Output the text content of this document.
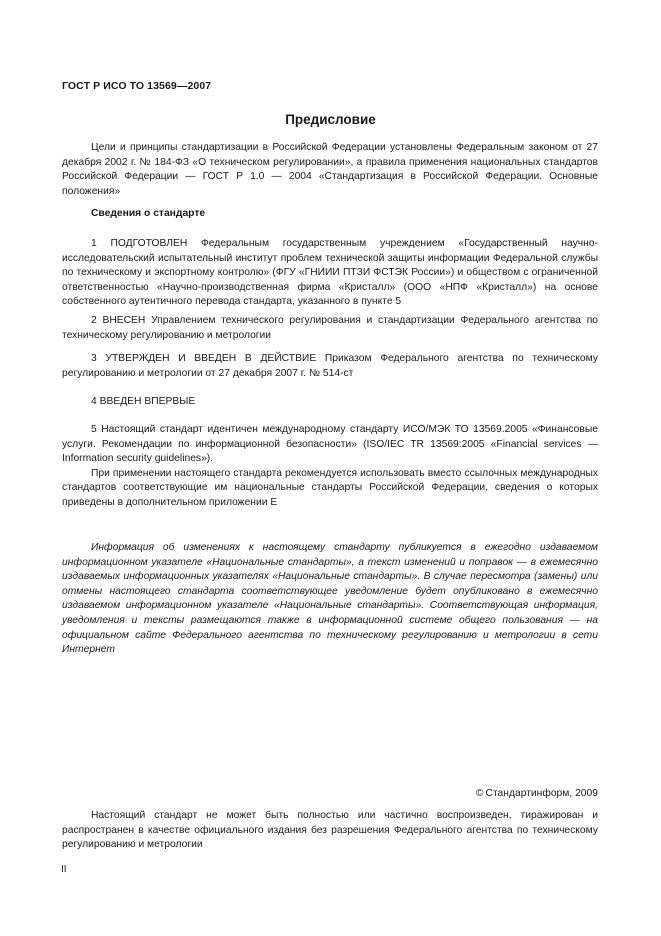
ГОСТ Р ИСО ТО 13569—2007
Предисловие

Цели и принципы стандартизации в Российской Федерации установлены Федеральным законом от 27 декабря 2002 г. № 184-ФЗ «О техническом регулировании», а правила применения национальных стандартов Российской Федерации — ГОСТ Р 1.0 — 2004 «Стандартизация в Российской Федерации. Основные положения»

Сведения о стандарте

1 ПОДГОТОВЛЕН Федеральным государственным учреждением «Государственный научно-исследовательский испытательный институт проблем технической защиты информации Федеральной службы по техническому и экспортному контролю» (ФГУ «ГНИИИ ПТЗИ ФСТЭК России») и обществом с ограниченной ответственностью «Научно-производственная фирма «Кристалл» (ООО «НПФ «Кристалл») на основе собственного аутентичного перевода стандарта, указанного в пункте 5

2 ВНЕСЕН Управлением технического регулирования и стандартизации Федерального агентства по техническому регулированию и метрологии

3 УТВЕРЖДЕН И ВВЕДЕН В ДЕЙСТВИЕ Приказом Федерального агентства по техническому регулированию и метрологии от 27 декабря 2007 г. № 514-ст

4 ВВЕДЕН ВПЕРВЫЕ

5 Настоящий стандарт идентичен международному стандарту ИСО/МЭК ТО 13569.2005 «Финансовые услуги. Рекомендации по информационной безопасности» (ISO/IEC TR 13569:2005 «Financial services — Information security guidelines»).

При применении настоящего стандарта рекомендуется использовать вместо ссылочных международных стандартов соответствующие им национальные стандарты Российской Федерации, сведения о которых приведены в дополнительном приложении Е

Информация об изменениях к настоящему стандарту публикуется в ежегодно издаваемом информационном указателе «Национальные стандарты», а текст изменений и поправок — в ежемесячно издаваемых информационных указателях «Национальные стандарты». В случае пересмотра (замены) или отмены настоящего стандарта соответствующее уведомление будет опубликовано в ежемесячно издаваемом информационном указателе «Национальные стандарты». Соответствующая информация, уведомления и тексты размещаются также в информационной системе общего пользования — на официальном сайте Федерального агентства по техническому регулированию и метрологии в сети Интернет

© Стандартинформ, 2009

Настоящий стандарт не может быть полностью или частично воспроизведен, тиражирован и распространен в качестве официального издания без разрешения Федерального агентства по техническому регулированию и метрологии

II
